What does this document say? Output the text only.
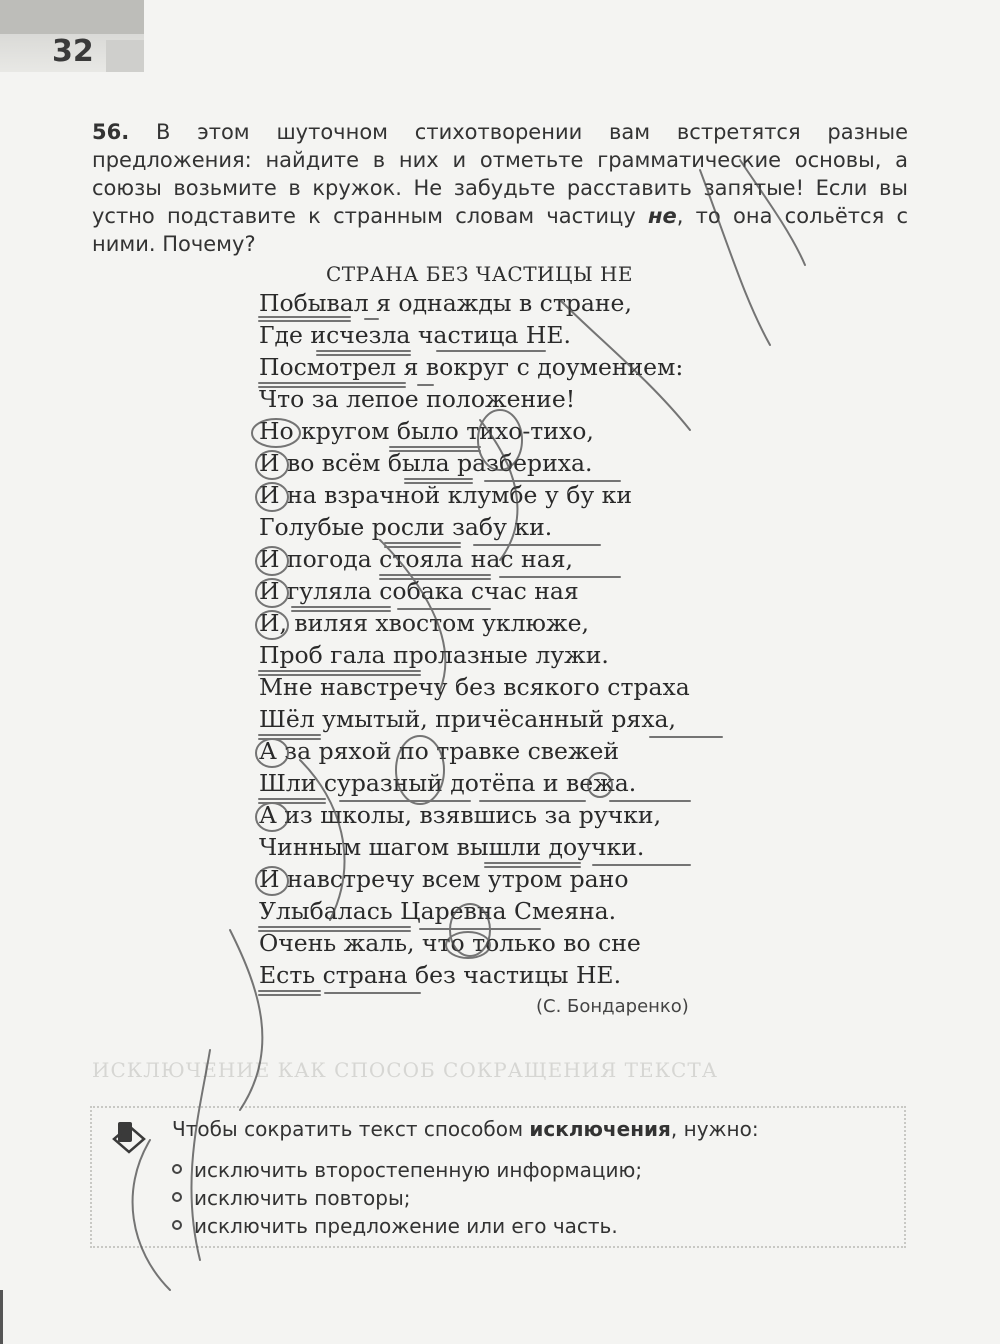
32
56. В этом шуточном стихотворении вам встретятся разные предложения: найдите в них и отметьте грамматические основы, а союзы возьмите в кружок. Не забудьте расставить запятые! Если вы устно подставите к странным словам частицу не, то она сольётся с ними. Почему?
СТРАНА БЕЗ ЧАСТИЦЫ НЕ
Побывал я однажды в стране,
Где исчезла частица НЕ.
Посмотрел я вокруг с доумением:
Что за лепое положение!
Но кругом было тихо-тихо,
И во всём была разбериха.
И на взрачной клумбе у бу ки
Голубые росли забу ки.
И погода стояла нас ная,
И гуляла собака счас ная
И, виляя хвостом уклюже,
Проб гала пролазные лужи.
Мне навстречу без всякого страха
Шёл умытый, причёсанный ряха,
А за ряхой по травке свежей
Шли суразный дотёпа и вежа.
А из школы, взявшись за ручки,
Чинным шагом вышли доучки.
И навстречу всем утром рано
Улыбалась Царевна Смеяна.
Очень жаль, что только во сне
Есть страна без частицы НЕ.
(С. Бондаренко)
ИСКЛЮЧЕНИЕ КАК СПОСОБ СОКРАЩЕНИЯ ТЕКСТА
Чтобы сократить текст способом исключения, нужно:
исключить второстепенную информацию;
исключить повторы;
исключить предложение или его часть.
